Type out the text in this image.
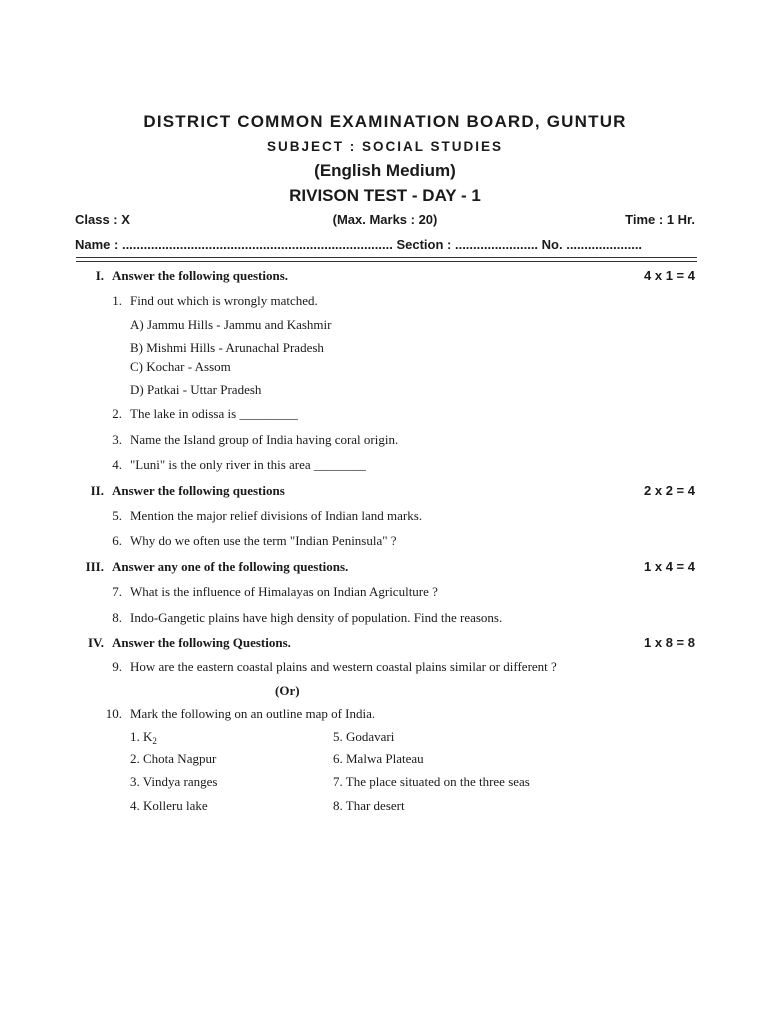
DISTRICT COMMON EXAMINATION BOARD, GUNTUR
SUBJECT : SOCIAL STUDIES
(English Medium)
RIVISON TEST - DAY - 1
Class : X	(Max. Marks : 20)	Time : 1 Hr.
Name : ........................................................................... Section : ....................... No. .....................
I. Answer the following questions.	4 x 1 = 4
1. Find out which is wrongly matched.
A) Jammu Hills - Jammu and Kashmir
B) Mishmi Hills - Arunachal Pradesh
C) Kochar - Assom
D) Patkai - Uttar Pradesh
2. The lake in odissa is _________
3. Name the Island group of India having coral origin.
4. "Luni" is the only river in this area ________
II. Answer the following questions	2 x 2 = 4
5. Mention the major relief divisions of Indian land marks.
6. Why do we often use the term "Indian Peninsula" ?
III. Answer any one of the following questions.	1 x 4 = 4
7. What is the influence of Himalayas on Indian Agriculture ?
8. Indo-Gangetic plains have high density of population. Find the reasons.
IV. Answer the following Questions.	1 x 8 = 8
9. How are the eastern coastal plains and western coastal plains similar or different ?
(Or)
10. Mark the following on an outline map of India.
1. $K_2$
2. Chota Nagpur
3. Vindya ranges
4. Kolleru lake
5. Godavari
6. Malwa Plateau
7. The place situated on the three seas
8. Thar desert
